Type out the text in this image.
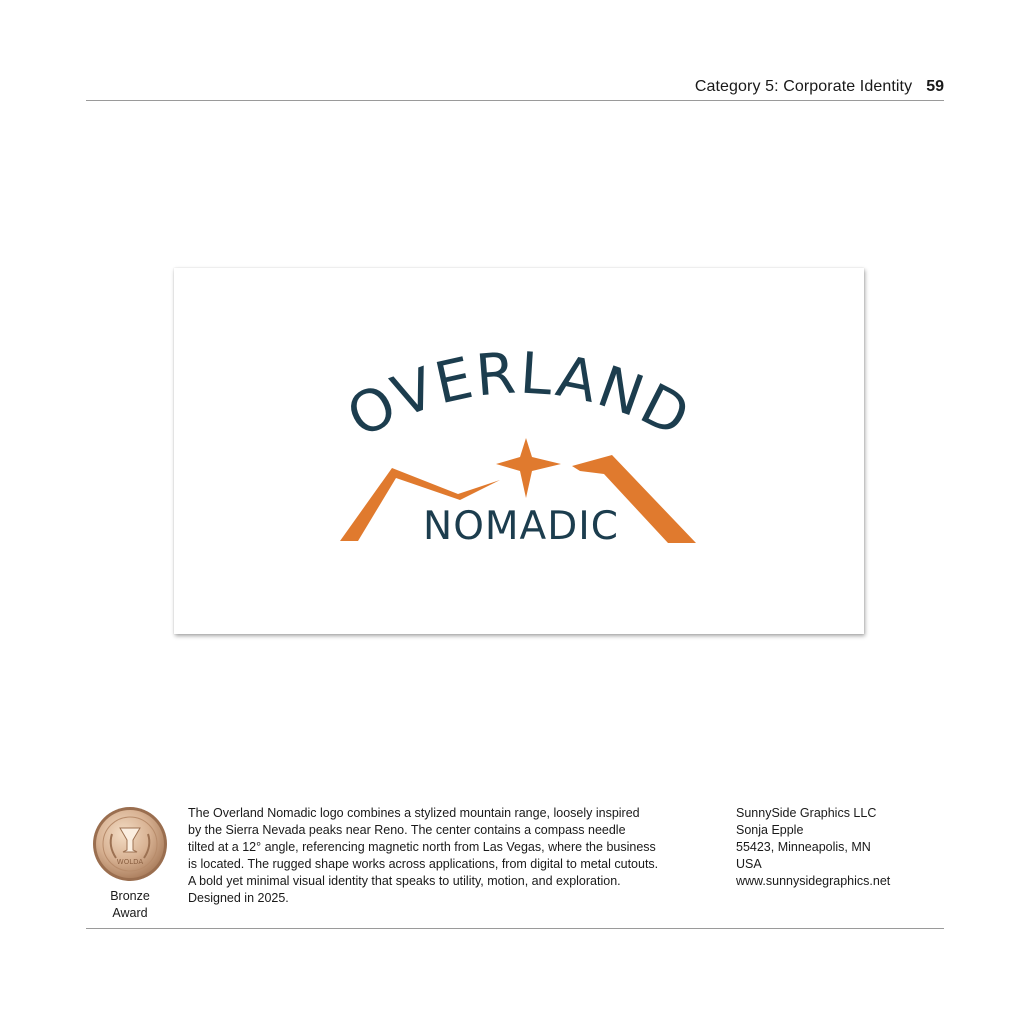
Category 5: Corporate Identity 59
OVERLAND
NOMADIC
WOLDA
Bronze
Award
The Overland Nomadic logo combines a stylized mountain range, loosely inspired
by the Sierra Nevada peaks near Reno. The center contains a compass needle
tilted at a 12° angle, referencing magnetic north from Las Vegas, where the business
is located. The rugged shape works across applications, from digital to metal cutouts.
A bold yet minimal visual identity that speaks to utility, motion, and exploration.
Designed in 2025.
SunnySide Graphics LLC
Sonja Epple
55423, Minneapolis, MN
USA
www.sunnysidegraphics.net
